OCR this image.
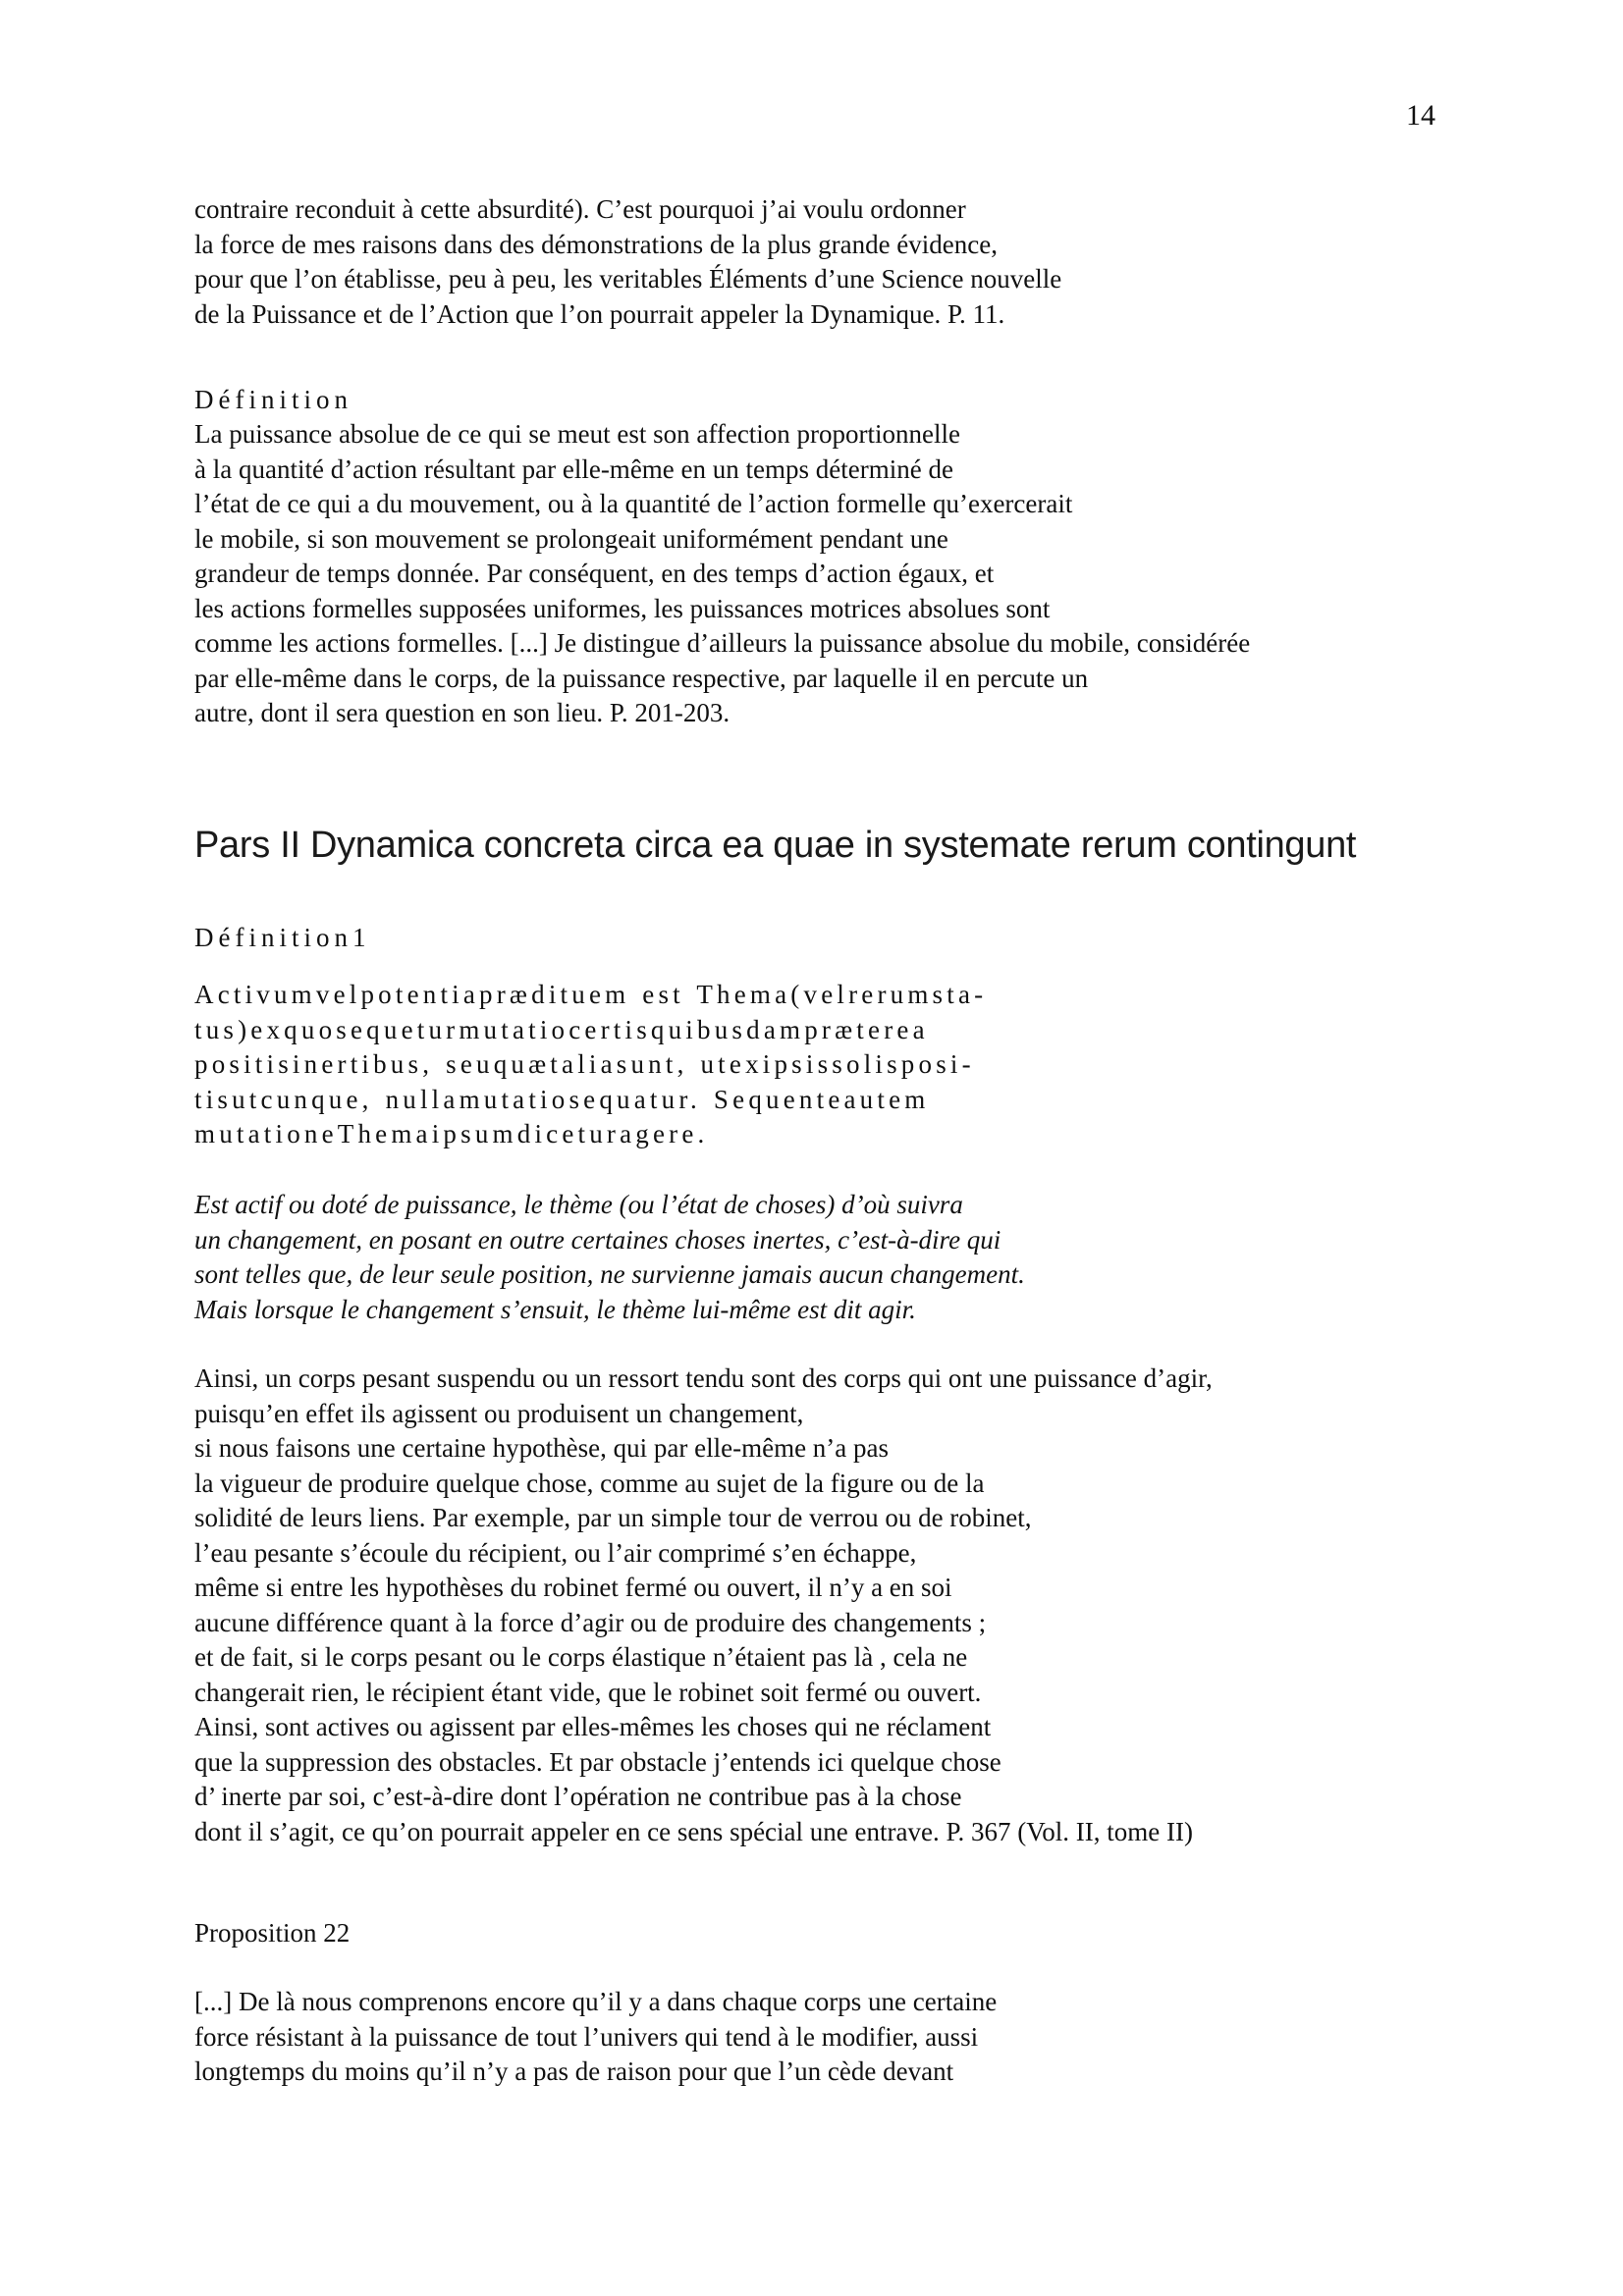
14
contraire reconduit à cette absurdité). C’est pourquoi j’ai voulu ordonner
la force de mes raisons dans des démonstrations de la plus grande évidence,
pour que l’on établisse, peu à peu, les veritables Éléments d’une Science nouvelle
de la Puissance et de l’Action que l’on pourrait appeler la Dynamique. P. 11.
Définition
La puissance absolue de ce qui se meut est son affection proportionnelle
à la quantité d’action résultant par elle-même en un temps déterminé de
l’état de ce qui a du mouvement, ou à la quantité de l’action formelle qu’exercerait
le mobile, si son mouvement se prolongeait uniformément pendant une
grandeur de temps donnée. Par conséquent, en des temps d’action égaux, et
les actions formelles supposées uniformes, les puissances motrices absolues sont
comme les actions formelles. [...] Je distingue d’ailleurs la puissance absolue du mobile, considérée
par elle-même dans le corps, de la puissance respective, par laquelle il en percute un
autre, dont il sera question en son lieu. P. 201-203.
Pars II Dynamica concreta circa ea quae in systemate rerum contingunt
Définition1
Activumvelpotentiaprædituem est Thema(velrerumsta-
tus)exquosequeturmutatiocertisquibusdampræterea
positisinertibus, seuquætaliasunt, utexipsissolisposi-
tisutcunque, nullamutatiosequatur. Sequenteautem
mutationeThemaipsumdiceturagere.
Est actif ou doté de puissance, le thème (ou l’état de choses) d’où suivra
un changement, en posant en outre certaines choses inertes, c’est-à-dire qui
sont telles que, de leur seule position, ne survienne jamais aucun changement.
Mais lorsque le changement s’ensuit, le thème lui-même est dit agir.
Ainsi, un corps pesant suspendu ou un ressort tendu sont des corps qui ont une puissance d’agir,
puisqu’en effet ils agissent ou produisent un changement,
si nous faisons une certaine hypothèse, qui par elle-même n’a pas
la vigueur de produire quelque chose, comme au sujet de la figure ou de la
solidité de leurs liens. Par exemple, par un simple tour de verrou ou de robinet,
l’eau pesante s’écoule du récipient, ou l’air comprimé s’en échappe,
même si entre les hypothèses du robinet fermé ou ouvert, il n’y a en soi
aucune différence quant à la force d’agir ou de produire des changements ;
et de fait, si le corps pesant ou le corps élastique n’étaient pas là , cela ne
changerait rien, le récipient étant vide, que le robinet soit fermé ou ouvert.
Ainsi, sont actives ou agissent par elles-mêmes les choses qui ne réclament
que la suppression des obstacles. Et par obstacle j’entends ici quelque chose
d’ inerte par soi, c’est-à-dire dont l’opération ne contribue pas à la chose
dont il s’agit, ce qu’on pourrait appeler en ce sens spécial une entrave. P. 367 (Vol. II, tome II)
Proposition 22
[...] De là nous comprenons encore qu’il y a dans chaque corps une certaine
force résistant à la puissance de tout l’univers qui tend à le modifier, aussi
longtemps du moins qu’il n’y a pas de raison pour que l’un cède devant
